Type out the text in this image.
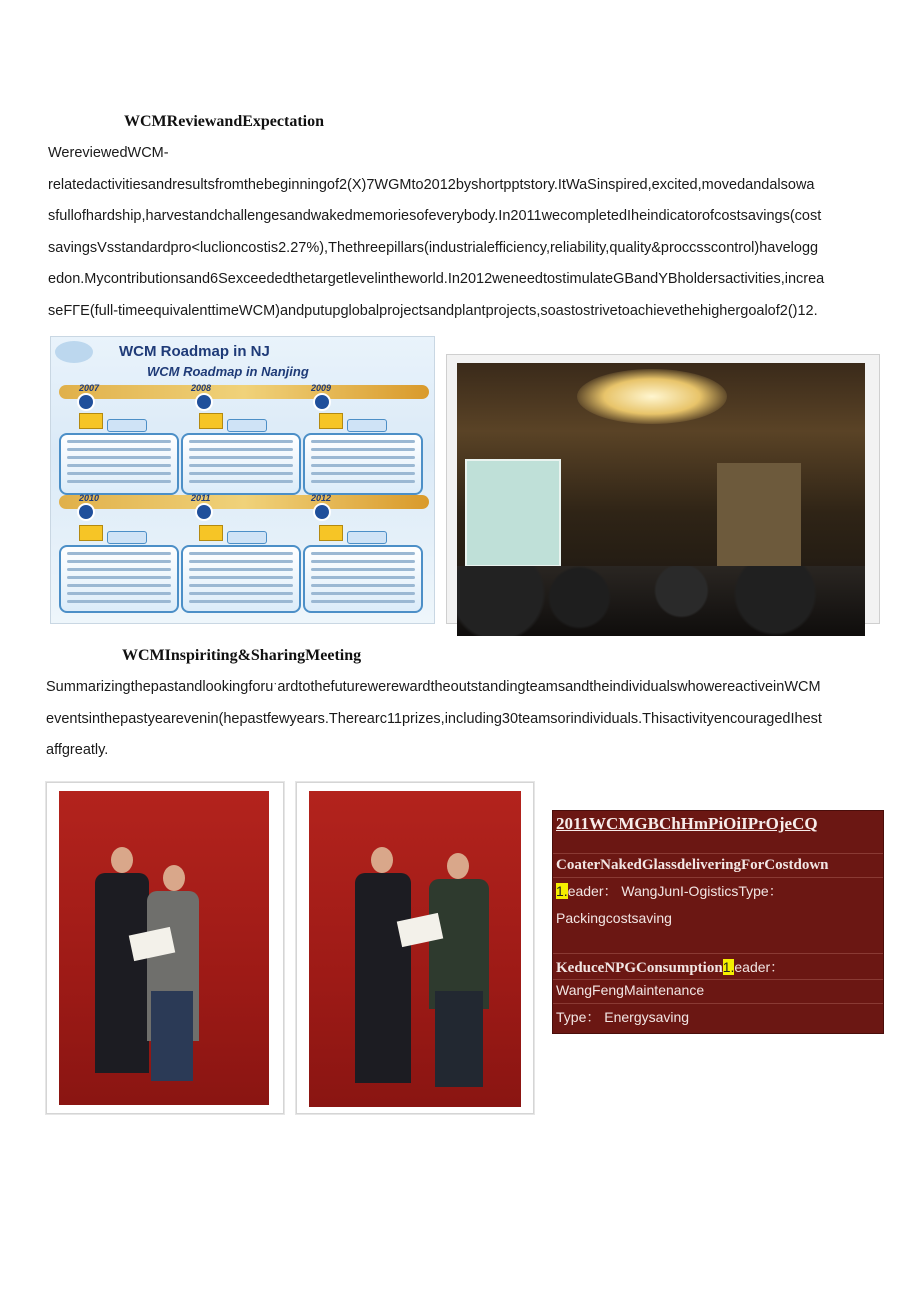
WCMReviewandExpectation
WereviewedWCM-
relatedactivitiesandresultsfromthebeginningof2(X)7WGMto2012byshortpptstory.ItWaSinspired,excited,movedandalsowa
sfullofhardship,harvestandchallengesandwakedmemoriesofeverybody.In2011wecompletedIheindicatorofcostsavings(cost
savingsVsstandardpro<luclioncostis2.27%),Thethreepillars(industrialefficiency,reliability,quality&proccsscontrol)havelogg
edon.Mycontributionsand6Sexceededthetargetlevelintheworld.In2012weneedtostimulateGBandYBholdersactivities,increa
seFΓE(full-timeequivalenttimeWCM)andputupglobalprojectsandplantprojects,soastostrivetoachievethehighergoalof2()12.
WCM Roadmap in NJ
WCM Roadmap in Nanjing
2007	2008	2009
2010	2011	2012
WCMInspiriting&SharingMeeting
SummarizingthepastandlookingforuˑardtothefuturewerewardtheoutstandingteamsandtheindividualswhowereactiveinWCM
eventsinthepastyearevenin(hepastfewyears.Therearc11prizes,including30teamsorindividuals.ThisactivityencouragedIhest
affgreatly.
2011WCMGBChHmPiOiIPrOjeCQ
CoaterNakedGlassdeliveringForCostdown
1.eader： WangJunI-OgisticsType：
Packingcostsaving
KeduceNPGConsumption1.eader：
WangFengMaintenance
Type： Energysaving
